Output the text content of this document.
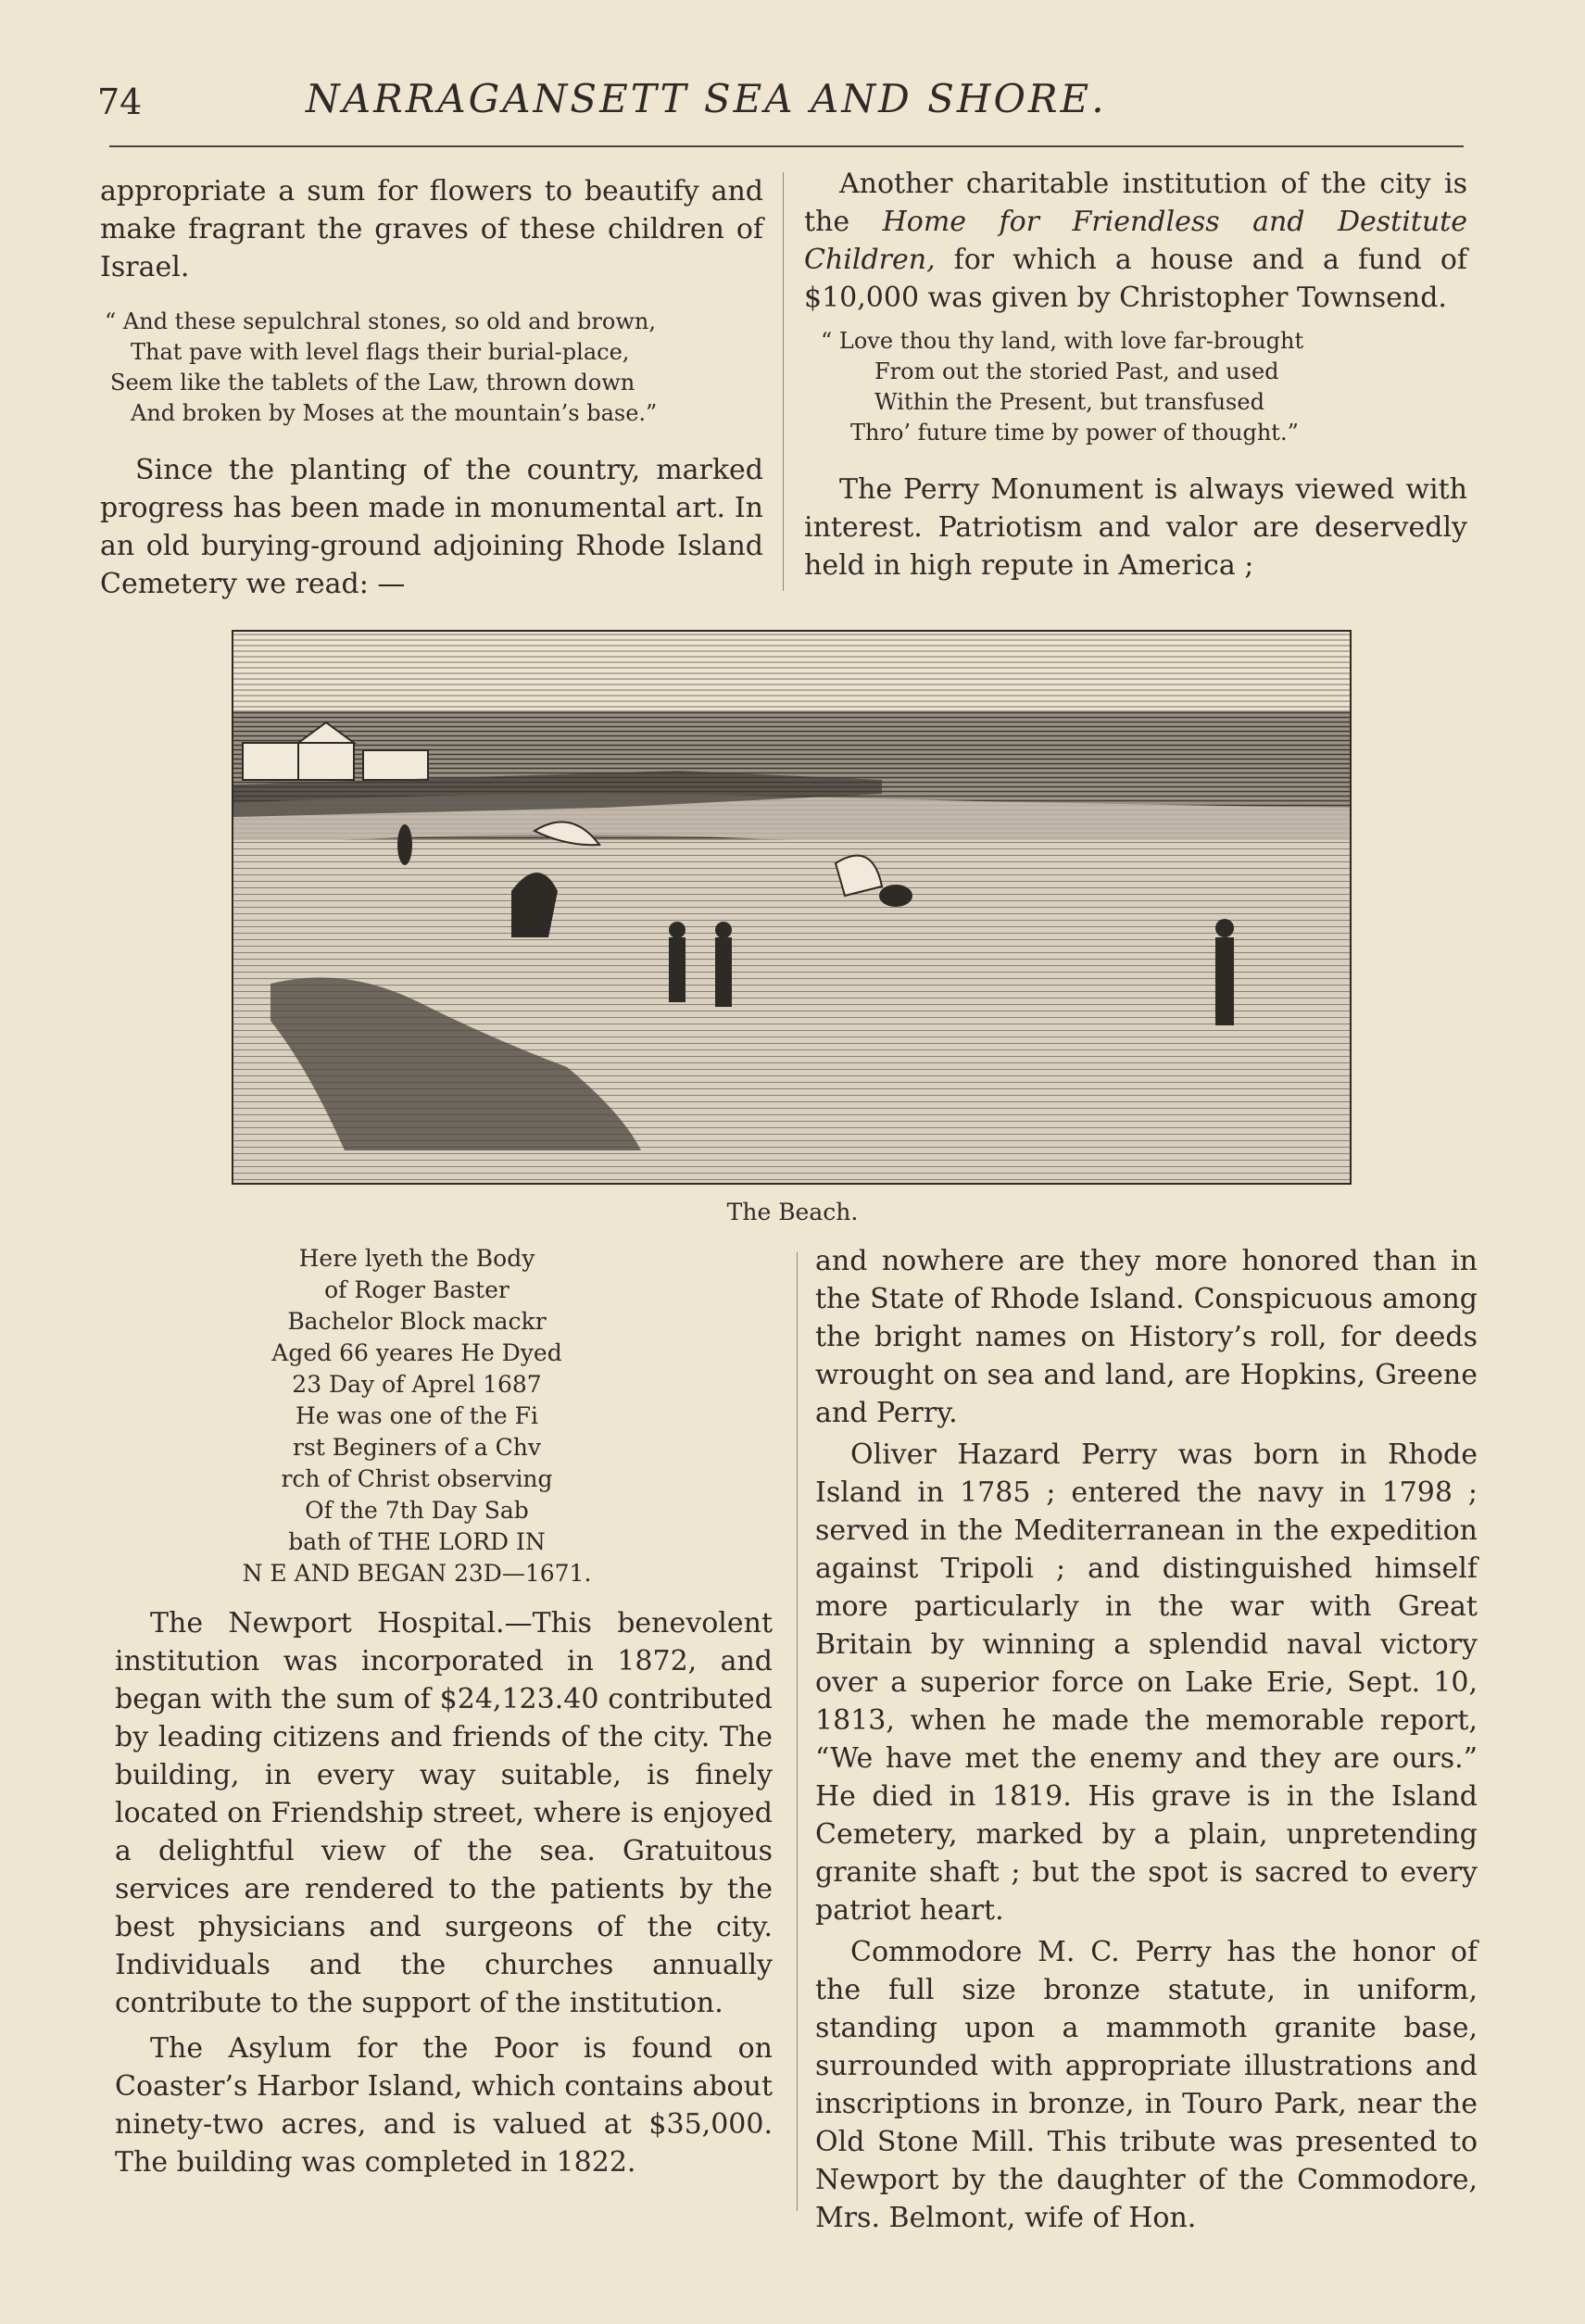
74	NARRAGANSETT SEA AND SHORE.

appropriate a sum for flowers to beautify and make fragrant the graves of these children of Israel.

“ And these sepulchral stones, so old and brown,
That pave with level flags their burial-place,
Seem like the tablets of the Law, thrown down
And broken by Moses at the mountain’s base.”

Since the planting of the country, marked progress has been made in monumental art. In an old burying-ground adjoining Rhode Island Cemetery we read: —

Another charitable institution of the city is the Home for Friendless and Destitute Children, for which a house and a fund of $10,000 was given by Christopher Townsend.

“ Love thou thy land, with love far-brought
From out the storied Past, and used
Within the Present, but transfused
Thro’ future time by power of thought.”

The Perry Monument is always viewed with interest. Patriotism and valor are deservedly held in high repute in America ;

The Beach.
Here lyeth the Body
of Roger Baster
Bachelor Block mackr
Aged 66 yeares He Dyed
23 Day of Aprel 1687
He was one of the Fi
rst Beginers of a Chv
rch of Christ observing
Of the 7th Day Sab
bath of THE LORD IN
N E AND BEGAN 23D—1671.

The Newport Hospital.—This benevolent institution was incorporated in 1872, and began with the sum of $24,123.40 contributed by leading citizens and friends of the city. The building, in every way suitable, is finely located on Friendship street, where is enjoyed a delightful view of the sea. Gratuitous services are rendered to the patients by the best physicians and surgeons of the city. Individuals and the churches annually contribute to the support of the institution.

The Asylum for the Poor is found on Coaster’s Harbor Island, which contains about ninety-two acres, and is valued at $35,000. The building was completed in 1822.

and nowhere are they more honored than in the State of Rhode Island. Conspicuous among the bright names on History’s roll, for deeds wrought on sea and land, are Hopkins, Greene and Perry.

Oliver Hazard Perry was born in Rhode Island in 1785 ; entered the navy in 1798 ; served in the Mediterranean in the expedition against Tripoli ; and distinguished himself more particularly in the war with Great Britain by winning a splendid naval victory over a superior force on Lake Erie, Sept. 10, 1813, when he made the memorable report, “We have met the enemy and they are ours.” He died in 1819. His grave is in the Island Cemetery, marked by a plain, unpretending granite shaft ; but the spot is sacred to every patriot heart.

Commodore M. C. Perry has the honor of the full size bronze statute, in uniform, standing upon a mammoth granite base, surrounded with appropriate illustrations and inscriptions in bronze, in Touro Park, near the Old Stone Mill. This tribute was presented to Newport by the daughter of the Commodore, Mrs. Belmont, wife of Hon.
